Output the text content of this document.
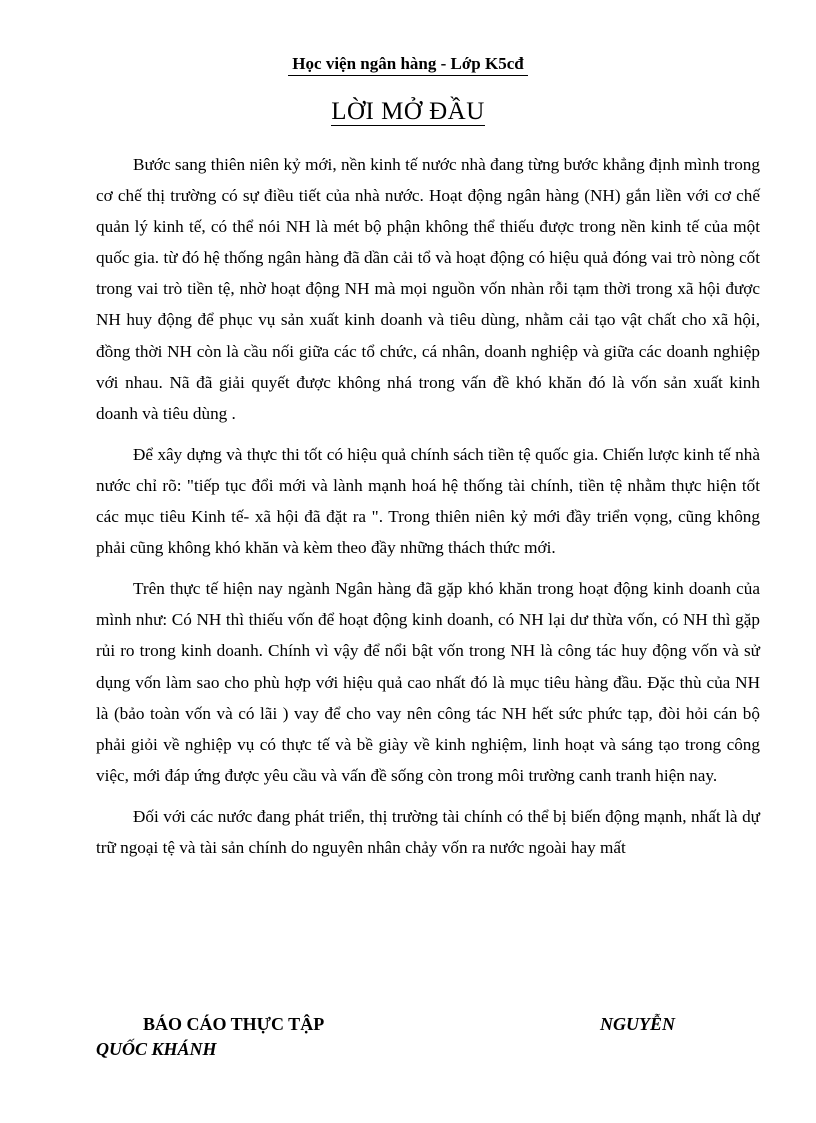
Học viện ngân hàng - Lớp K5cđ
LỜI MỞ ĐẦU

Bước sang thiên niên kỷ mới, nền kinh tế nước nhà đang từng bước khẳng định mình trong cơ chế thị trường có sự điều tiết của nhà nước. Hoạt động ngân hàng (NH) gắn liền với cơ chế quản lý kinh tế, có thể nói NH là mét bộ phận không thể thiếu được trong nền kinh tế của một quốc gia. từ đó hệ thống ngân hàng đã dần cải tổ và hoạt động có hiệu quả đóng vai trò nòng cốt trong vai trò tiền tệ, nhờ hoạt động NH mà mọi nguồn vốn nhàn rỗi tạm thời trong xã hội được NH huy động để phục vụ sản xuất kinh doanh và tiêu dùng, nhằm cải tạo vật chất cho xã hội, đồng thời NH còn là cầu nối giữa các tổ chức, cá nhân, doanh nghiệp và giữa các doanh nghiệp với nhau. Nã đã giải quyết được không nhá trong vấn đề khó khăn đó là vốn sản xuất kinh doanh và tiêu dùng .

Để xây dựng và thực thi tốt có hiệu quả chính sách tiền tệ quốc gia. Chiến lược kinh tế nhà nước chỉ rõ: "tiếp tục đổi mới và lành mạnh hoá hệ thống tài chính, tiền tệ nhằm thực hiện tốt các mục tiêu Kinh tế- xã hội đã đặt ra ". Trong thiên niên kỷ mới đầy triển vọng, cũng không phải cũng không khó khăn và kèm theo đầy những thách thức mới.

Trên thực tế hiện nay ngành Ngân hàng đã gặp khó khăn trong hoạt động kinh doanh của mình như: Có NH thì thiếu vốn để hoạt động kinh doanh, có NH lại dư thừa vốn, có NH thì gặp rủi ro trong kinh doanh. Chính vì vậy để nổi bật vốn trong NH là công tác huy động vốn và sử dụng vốn làm sao cho phù hợp với hiệu quả cao nhất đó là mục tiêu hàng đầu. Đặc thù của NH là (bảo toàn vốn và có lãi ) vay để cho vay nên công tác NH hết sức phức tạp, đòi hỏi cán bộ phải giỏi về nghiệp vụ có thực tế và bề giày về kinh nghiệm, linh hoạt và sáng tạo trong công việc, mới đáp ứng được yêu cầu và vấn đề sống còn trong môi trường canh tranh hiện nay.

Đối với các nước đang phát triển, thị trường tài chính có thể bị biến động mạnh, nhất là dự trữ ngoại tệ và tài sản chính do nguyên nhân chảy vốn ra nước ngoài hay mất

BÁO CÁO THỰC TẬP	NGUYỄN
QUỐC KHÁNH
